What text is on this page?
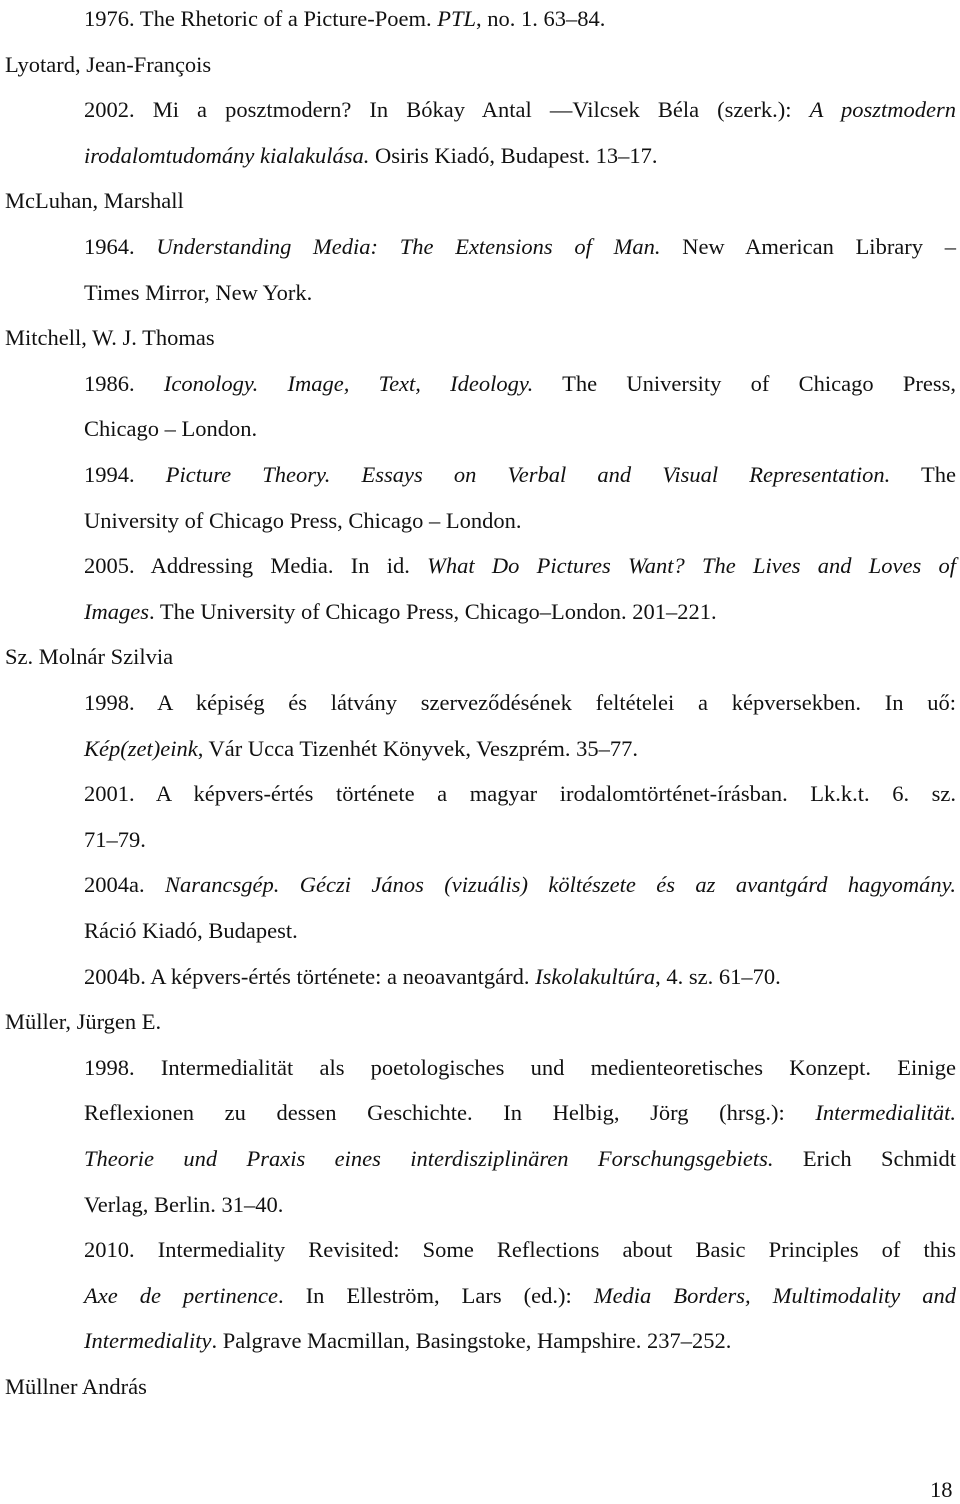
1976. The Rhetoric of a Picture-Poem. PTL, no. 1. 63–84.
Lyotard, Jean-François
2002. Mi a posztmodern? In Bókay Antal —Vilcsek Béla (szerk.): A posztmodern
irodalomtudomány kialakulása. Osiris Kiadó, Budapest. 13–17.
McLuhan, Marshall
1964. Understanding Media: The Extensions of Man. New American Library –
Times Mirror, New York.
Mitchell, W. J. Thomas
1986. Iconology. Image, Text, Ideology. The University of Chicago Press,
Chicago – London.
1994. Picture Theory. Essays on Verbal and Visual Representation. The
University of Chicago Press, Chicago – London.
2005. Addressing Media. In id. What Do Pictures Want? The Lives and Loves of
Images. The University of Chicago Press, Chicago–London. 201–221.
Sz. Molnár Szilvia
1998. A képiség és látvány szerveződésének feltételei a képversekben. In uő:
Kép(zet)eink, Vár Ucca Tizenhét Könyvek, Veszprém. 35–77.
2001. A képvers-értés története a magyar irodalomtörténet-írásban. Lk.k.t. 6. sz.
71–79.
2004a. Narancsgép. Géczi János (vizuális) költészete és az avantgárd hagyomány.
Ráció Kiadó, Budapest.
2004b. A képvers-értés története: a neoavantgárd. Iskolakultúra, 4. sz. 61–70.
Müller, Jürgen E.
1998. Intermedialität als poetologisches und medienteoretisches Konzept. Einige
Reflexionen zu dessen Geschichte. In Helbig, Jörg (hrsg.): Intermedialität.
Theorie und Praxis eines interdisziplinären Forschungsgebiets. Erich Schmidt
Verlag, Berlin. 31–40.
2010. Intermediality Revisited: Some Reflections about Basic Principles of this
Axe de pertinence. In Elleström, Lars (ed.): Media Borders, Multimodality and
Intermediality. Palgrave Macmillan, Basingstoke, Hampshire. 237–252.
Müllner András
18
